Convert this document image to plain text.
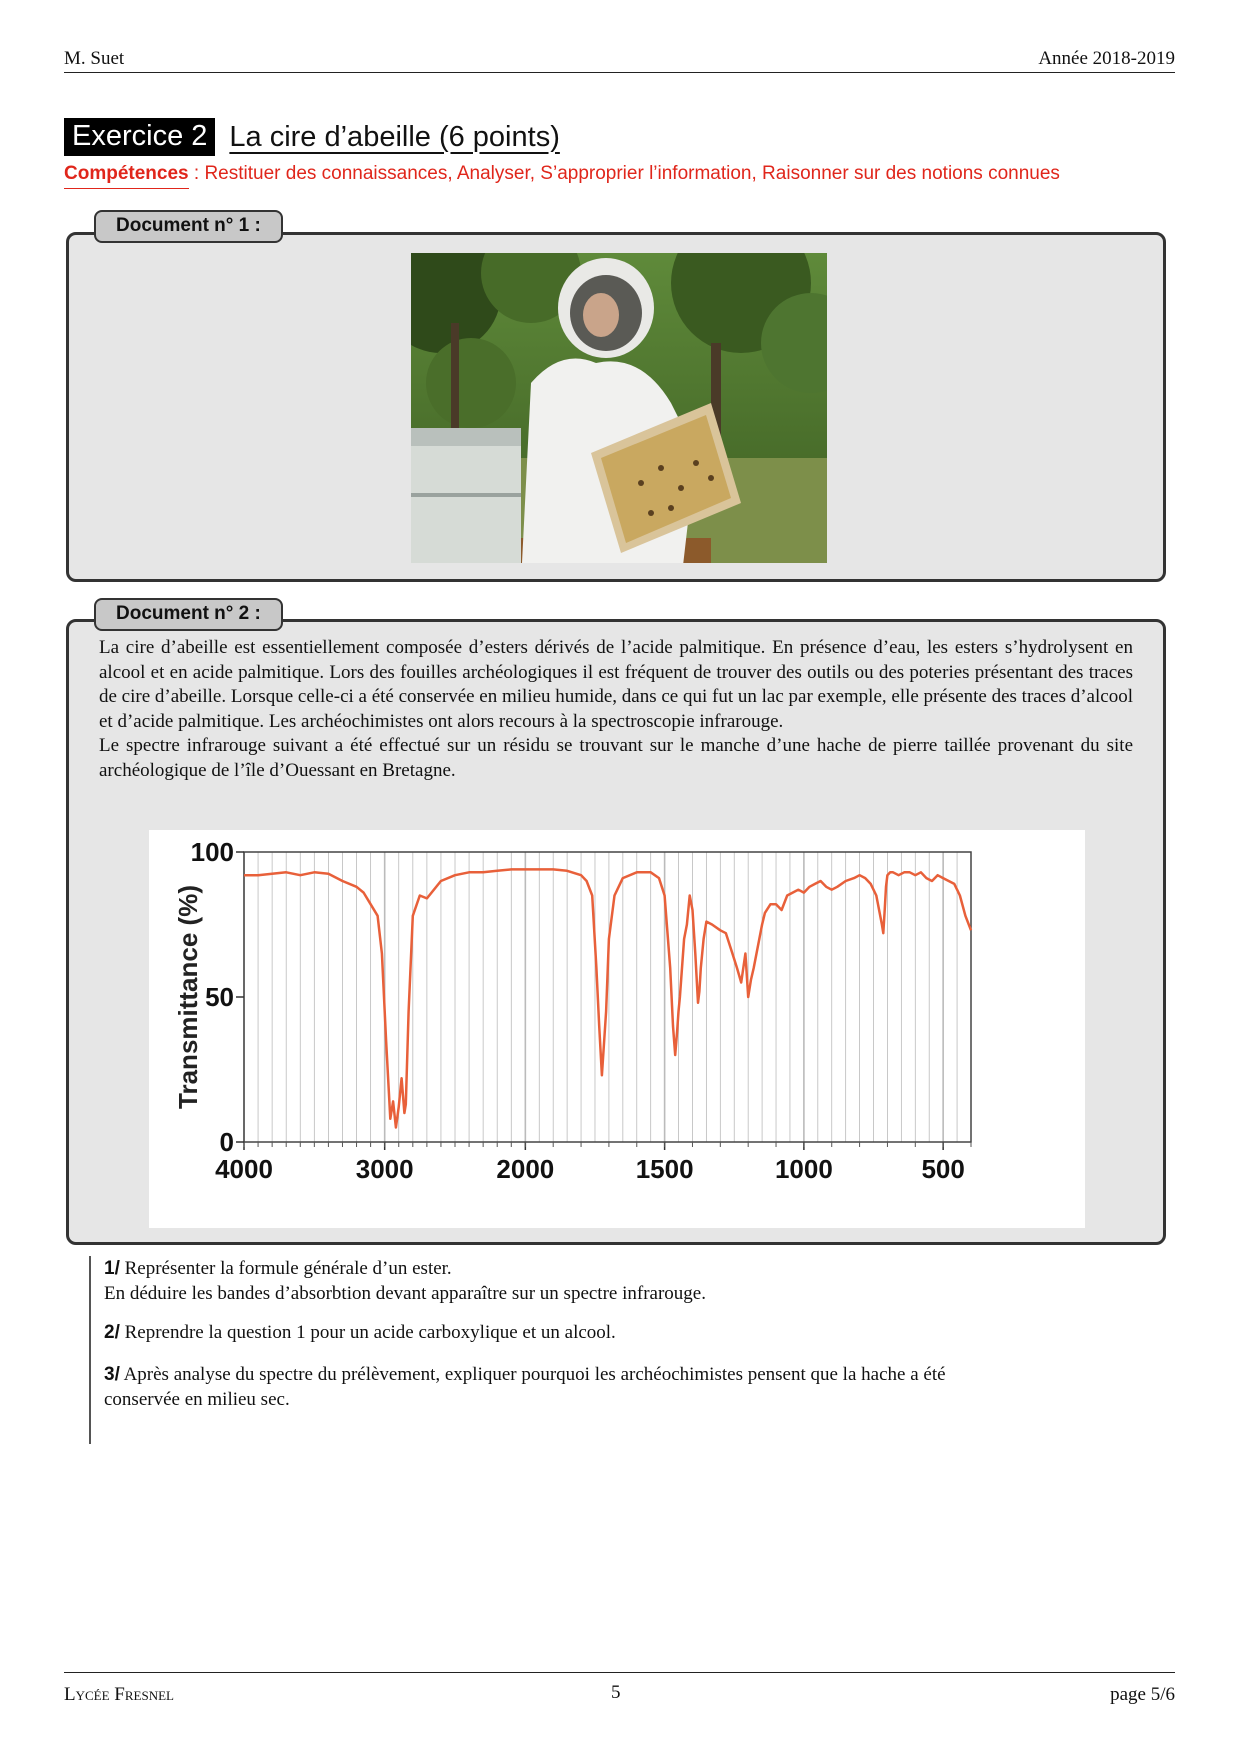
M. Suet	Année 2018-2019
Exercice 2 La cire d’abeille (6 points)
Compétences : Restituer des connaissances, Analyser, S’approprier l’information, Raisonner sur des notions connues
Document n° 1 :
Document n° 2 :

La cire d’abeille est essentiellement composée d’esters dérivés de l’acide palmitique. En présence d’eau, les esters s’hydrolysent en alcool et en acide palmitique. Lors des fouilles archéologiques il est fréquent de trouver des outils ou des poteries présentant des traces de cire d’abeille. Lorsque celle-ci a été conservée en milieu humide, dans ce qui fut un lac par exemple, elle présente des traces d’alcool et d’acide palmitique. Les archéochimistes ont alors recours à la spectroscopie infrarouge.

Le spectre infrarouge suivant a été effectué sur un résidu se trouvant sur le manche d’une hache de pierre taillée provenant du site archéologique de l’île d’Ouessant en Bretagne.

4000	3000	2000	1500	1000	500
0
50
100
Transmittance (%)
1/ Représenter la formule générale d’un ester.
En déduire les bandes d’absorbtion devant apparaître sur un spectre infrarouge.
2/ Reprendre la question 1 pour un acide carboxylique et un alcool.
3/ Après analyse du spectre du prélèvement, expliquer pourquoi les archéochimistes pensent que la hache a été
conservée en milieu sec.
Lycée Fresnel	5	page 5/6
